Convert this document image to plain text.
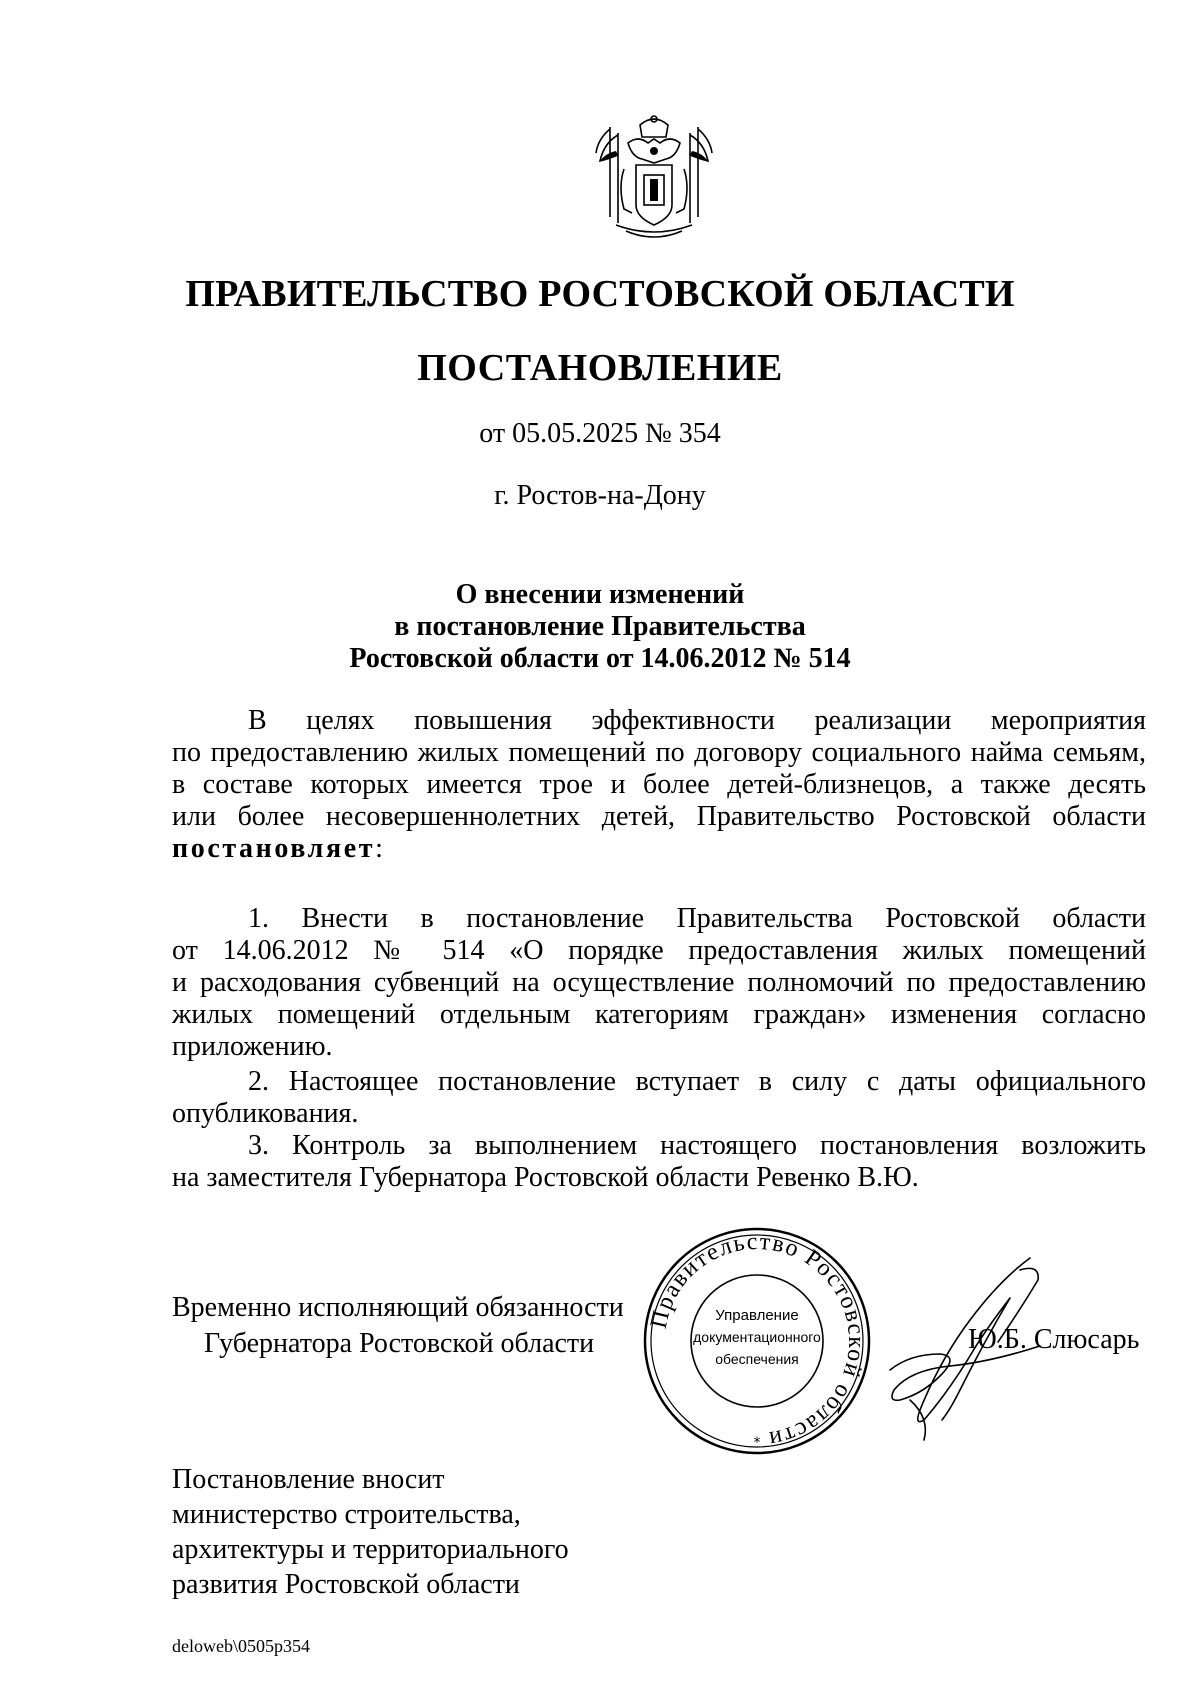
ПРАВИТЕЛЬСТВО РОСТОВСКОЙ ОБЛАСТИ
ПОСТАНОВЛЕНИЕ
от 05.05.2025 № 354
г. Ростов-на-Дону
О внесении изменений
в постановление Правительства
Ростовской области от 14.06.2012 № 514
В целях повышения эффективности реализации мероприятия
по предоставлению жилых помещений по договору социального найма семьям,
в составе которых имеется трое и более детей-близнецов, а также десять
или более несовершеннолетних детей, Правительство Ростовской области
постановляет:
1. Внести в постановление Правительства Ростовской области
от 14.06.2012 № 514 «О порядке предоставления жилых помещений
и расходования субвенций на осуществление полномочий по предоставлению
жилых помещений отдельным категориям граждан» изменения согласно
приложению.
2. Настоящее постановление вступает в силу с даты официального
опубликования.
3. Контроль за выполнением настоящего постановления возложить
на заместителя Губернатора Ростовской области Ревенко В.Ю.
Временно исполняющий обязанности
Губернатора Ростовской области
Правительство Ростовской области
Управление
документационного
обеспечения
*
Ю.Б. Слюсарь
Постановление вносит
министерство строительства,
архитектуры и территориального
развития Ростовской области
deloweb\0505p354
